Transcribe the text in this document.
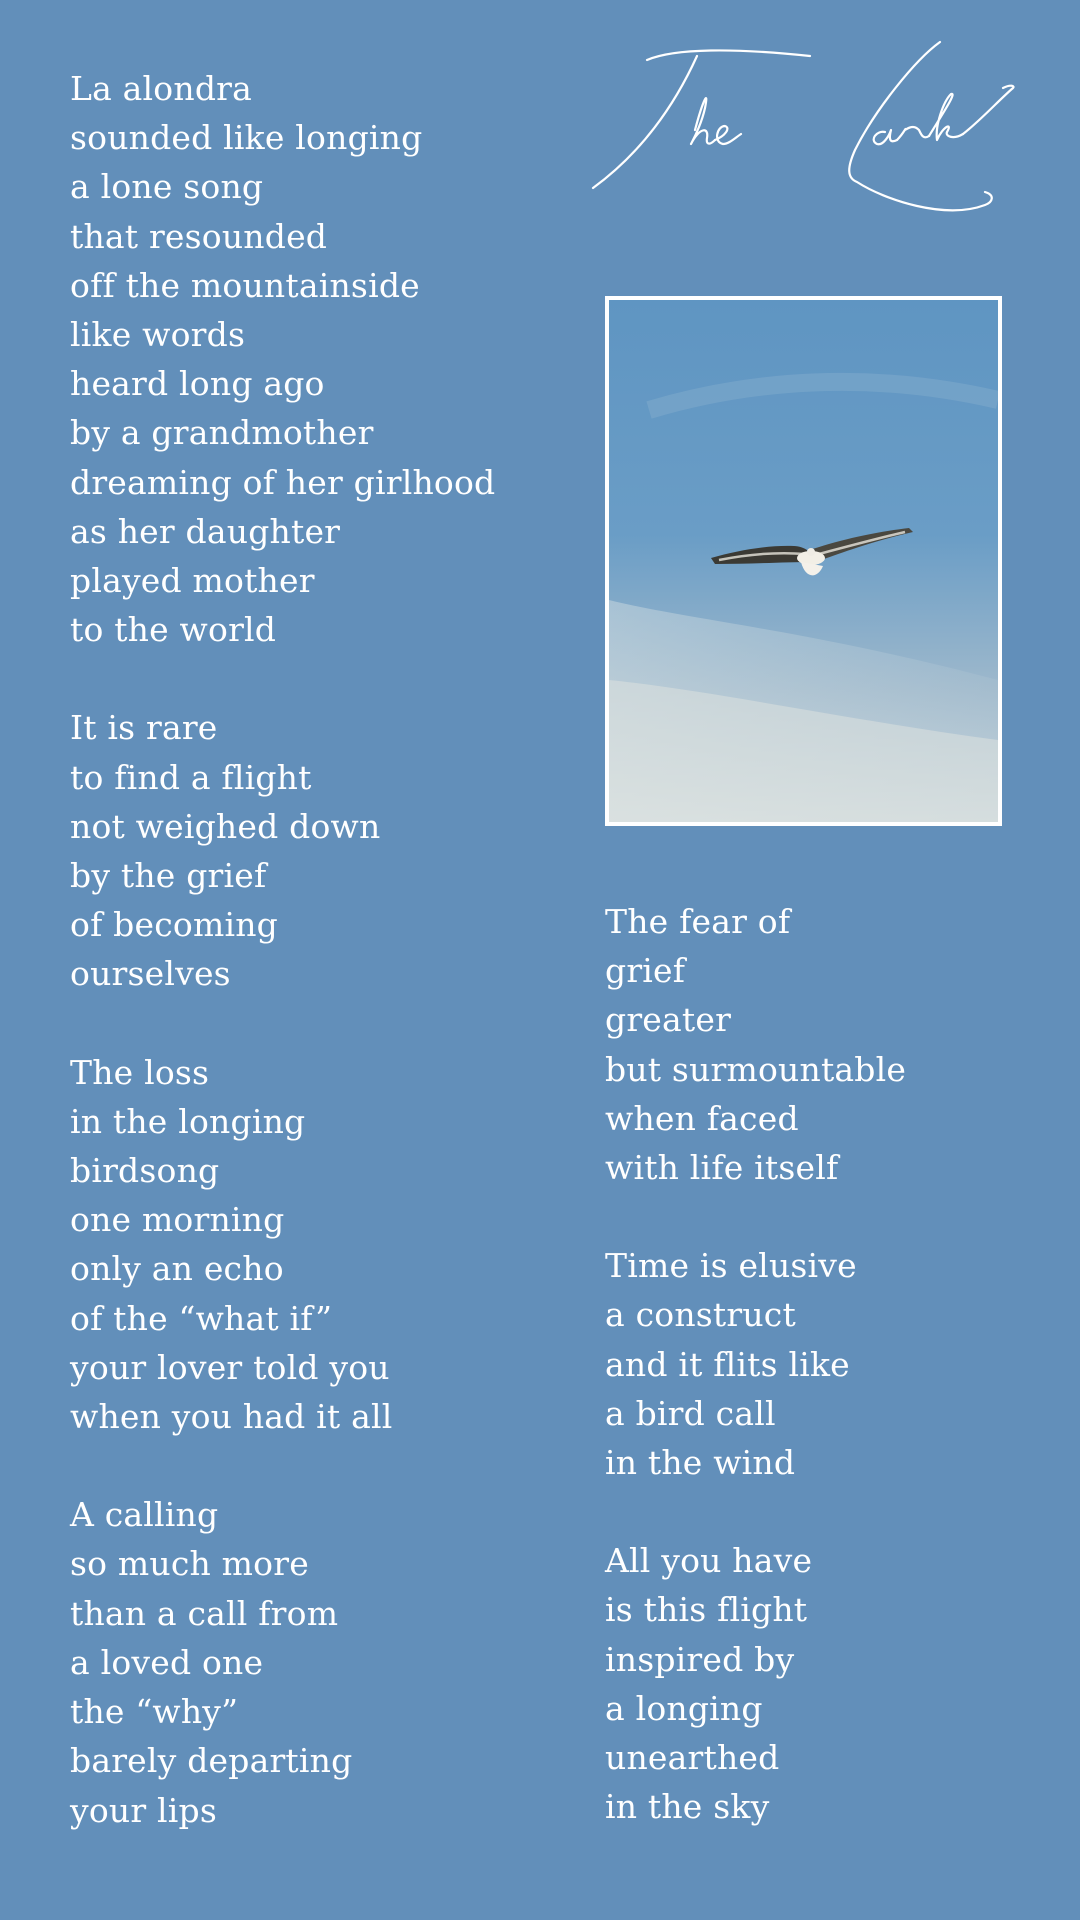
La alondra
sounded like longing
a lone song
that resounded
off the mountainside
like words
heard long ago
by a grandmother
dreaming of her girlhood
as her daughter
played mother
to the world
It is rare
to find a flight
not weighed down
by the grief
of becoming
ourselves
The loss
in the longing
birdsong
one morning
only an echo
of the “what if”
your lover told you
when you had it all
A calling
so much more
than a call from
a loved one
the “why”
barely departing
your lips
The fear of
grief
greater
but surmountable
when faced
with life itself
Time is elusive
a construct
and it flits like
a bird call
in the wind
All you have
is this flight
inspired by
a longing
unearthed
in the sky
